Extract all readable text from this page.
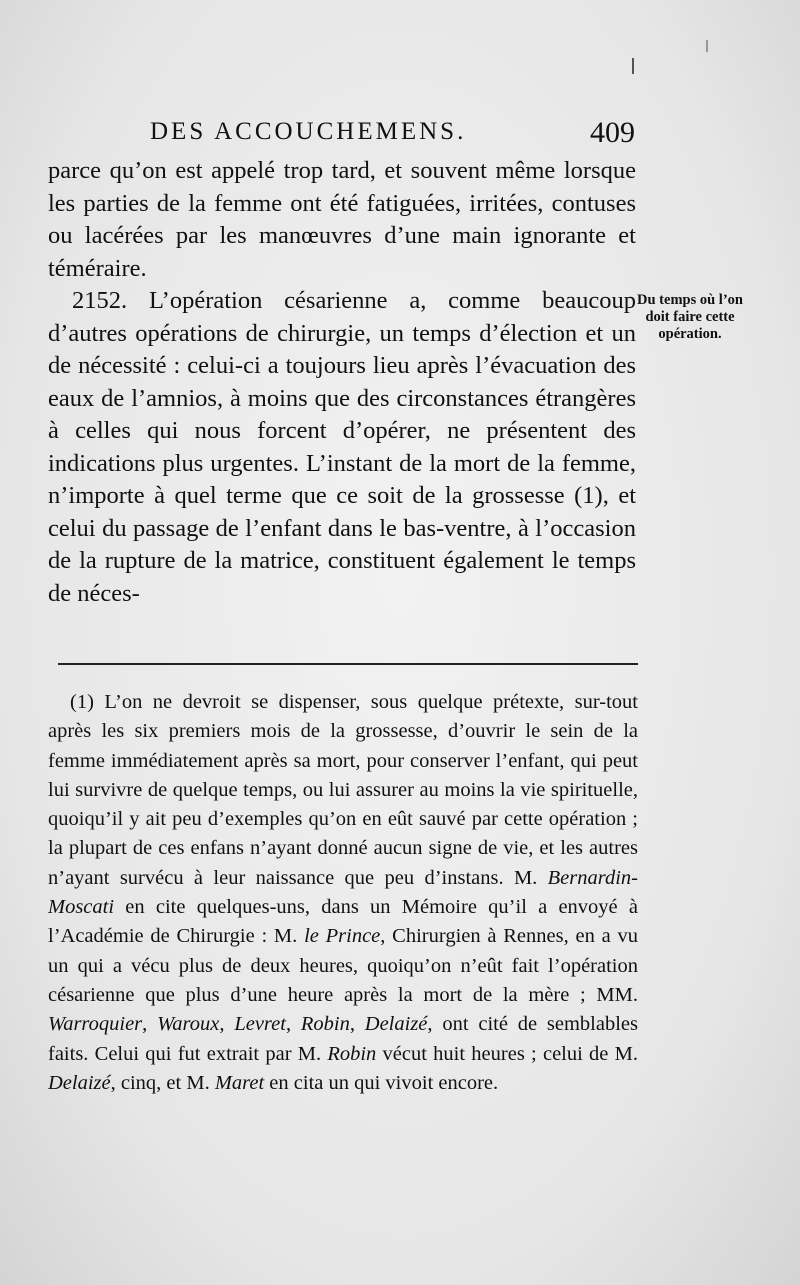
DES ACCOUCHEMENS.	409

parce qu’on est appelé trop tard, et souvent même lorsque les parties de la femme ont été fatiguées, irritées, contuses ou lacérées par les manœuvres d’une main ignorante et téméraire.

2152. L’opération césarienne a, comme beaucoup d’autres opérations de chirurgie, un temps d’élection et un de nécessité : celui-ci a toujours lieu après l’évacuation des eaux de l’amnios, à moins que des circonstances étrangères à celles qui nous forcent d’opérer, ne présentent des indications plus urgentes. L’instant de la mort de la femme, n’importe à quel terme que ce soit de la grossesse (1), et celui du passage de l’enfant dans le bas-ventre, à l’occasion de la rupture de la matrice, constituent également le temps de néces-

Du temps où l’on doit faire cette opération.

(1) L’on ne devroit se dispenser, sous quelque prétexte, sur-tout après les six premiers mois de la grossesse, d’ouvrir le sein de la femme immédiatement après sa mort, pour conserver l’enfant, qui peut lui survivre de quelque temps, ou lui assurer au moins la vie spirituelle, quoiqu’il y ait peu d’exemples qu’on en eût sauvé par cette opération ; la plupart de ces enfans n’ayant donné aucun signe de vie, et les autres n’ayant survécu à leur naissance que peu d’instans. M. Bernardin-Moscati en cite quelques-uns, dans un Mémoire qu’il a envoyé à l’Académie de Chirurgie : M. le Prince, Chirurgien à Rennes, en a vu un qui a vécu plus de deux heures, quoiqu’on n’eût fait l’opération césarienne que plus d’une heure après la mort de la mère ; MM. Warroquier, Waroux, Levret, Robin, Delaizé, ont cité de semblables faits. Celui qui fut extrait par M. Robin vécut huit heures ; celui de M. Delaizé, cinq, et M. Maret en cita un qui vivoit encore.
